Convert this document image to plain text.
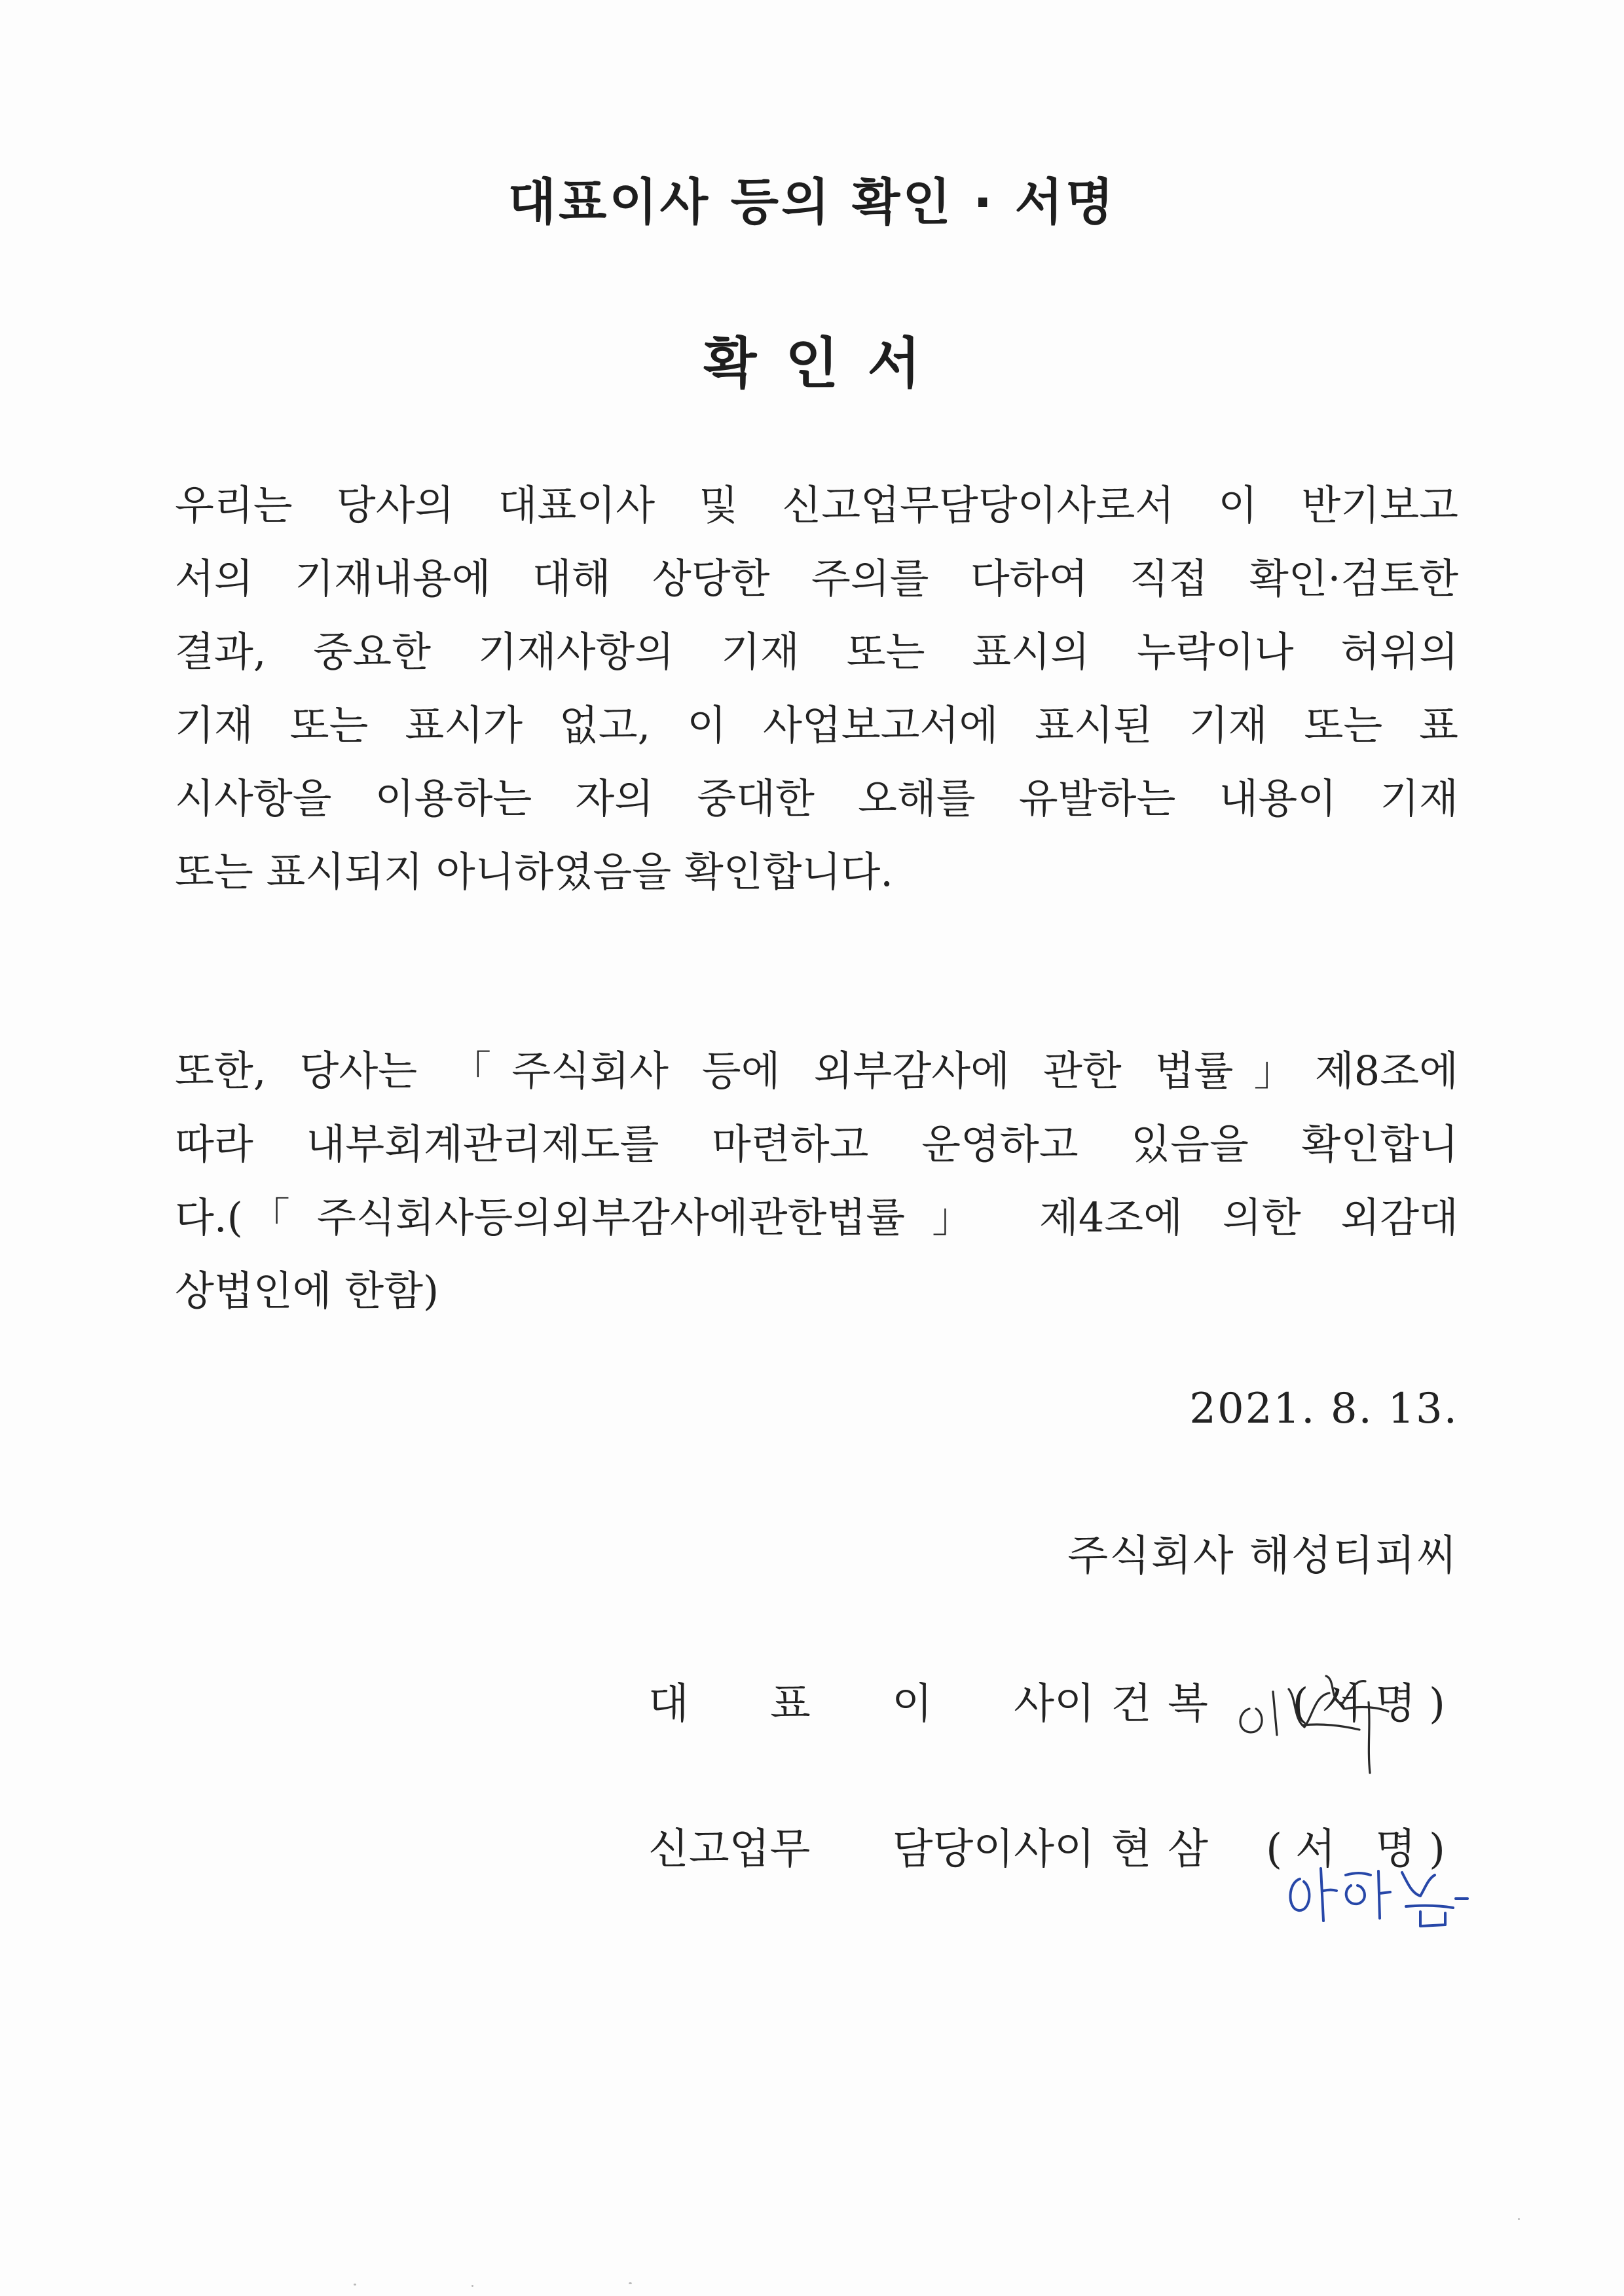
대표이사 등의 확인 · 서명
확인서
우리는 당사의 대표이사 및 신고업무담당이사로서 이 반기보고
서의 기재내용에 대해 상당한 주의를 다하여 직접 확인·검토한
결과, 중요한 기재사항의 기재 또는 표시의 누락이나 허위의
기재 또는 표시가 없고, 이 사업보고서에 표시된 기재 또는 표
시사항을 이용하는 자의 중대한 오해를 유발하는 내용이 기재
또는 표시되지 아니하였음을 확인합니다.
또한, 당사는 「주식회사 등에 외부감사에 관한 법률」제8조에
따라 내부회계관리제도를 마련하고 운영하고 있음을 확인합니
다.(「주식회사등의외부감사에관한법률」 제4조에 의한 외감대
상법인에 한함)
2021. 8. 13.
주식회사 해성티피씨
대 표 이 사 이 건 복 (서명)
신고업무 담당이사 이 현 삼 (서 명)
